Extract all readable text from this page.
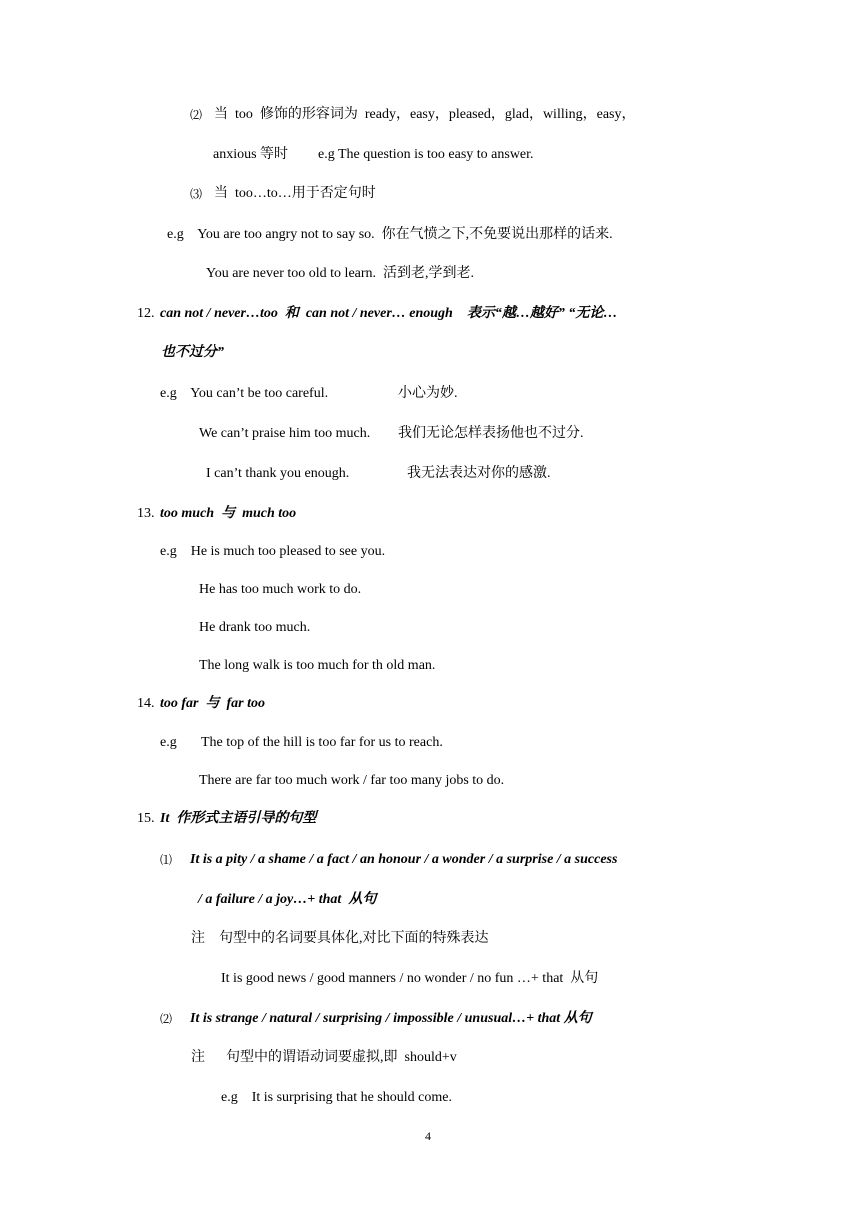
⑵ 当  too  修饰的形容词为  ready，easy，pleased，glad，willing，easy，
anxious 等时 e.g The question is too easy to answer.
⑶ 当  too…to…用于否定句时
e.g    You are too angry not to say so.  你在气愤之下,不免要说出那样的话来.
You are never too old to learn.  活到老,学到老.
12. can not / never…too  和  can not / never… enough    表示“越…越好” “无论…
也不过分”
e.g    You can’t be too careful.	小心为妙.
We can’t praise him too much. 我们无论怎样表扬他也不过分.
I can’t thank you enough.	我无法表达对你的感激.
13. too much  与  much too
e.g    He is much too pleased to see you.
He has too much work to do.
He drank too much.
The long walk is too much for th old man.
14. too far  与  far too
e.g The top of the hill is too far for us to reach.
There are far too much work / far too many jobs to do.
15. It  作形式主语引导的句型
⑴ It is a pity / a shame / a fact / an honour / a wonder / a surprise / a success
/ a failure / a joy…+ that  从句
注    句型中的名词要具体化,对比下面的特殊表达
It is good news / good manners / no wonder / no fun …+ that  从句
⑵ It is strange / natural / surprising / impossible / unusual…+ that 从句
注      句型中的谓语动词要虚拟,即  should+v
e.g    It is surprising that he should come.
4
